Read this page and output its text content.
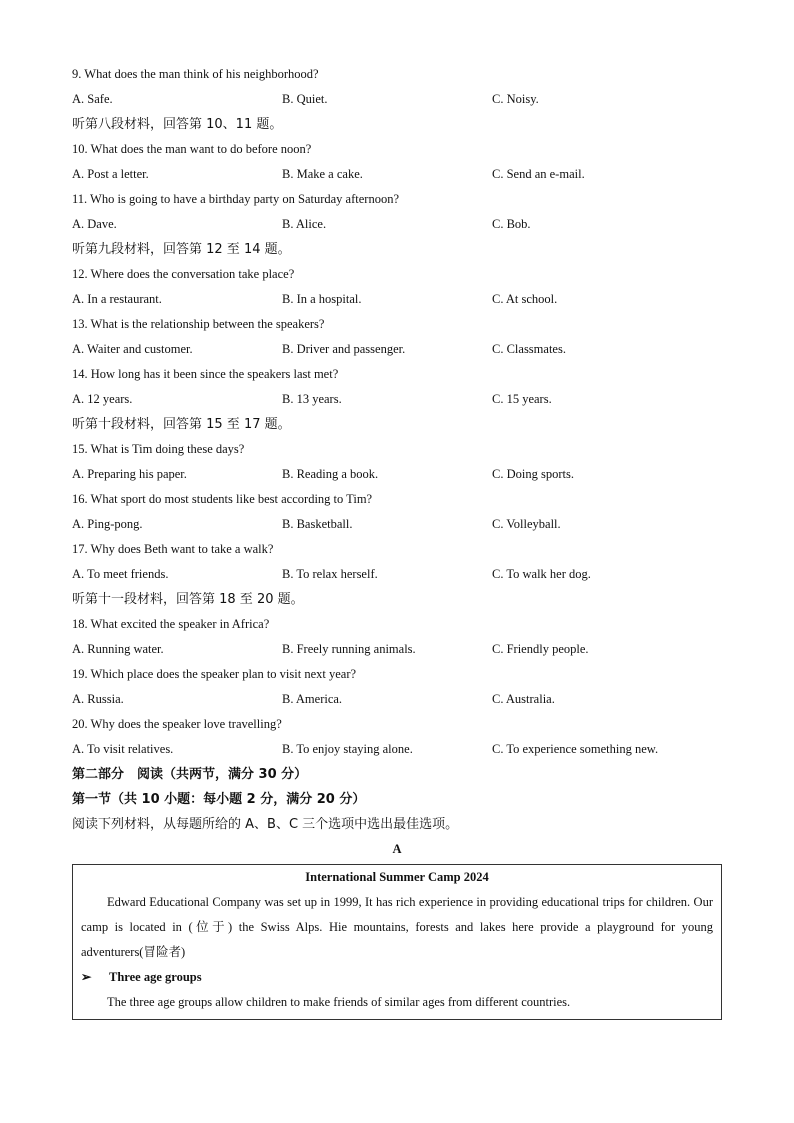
9. What does the man think of his neighborhood?
A. Safe.	B. Quiet.	C. Noisy.
听第八段材料，回答第 10、11 题。
10. What does the man want to do before noon?
A. Post a letter.	B. Make a cake.	C. Send an e-mail.
11. Who is going to have a birthday party on Saturday afternoon?
A. Dave.	B. Alice.	C. Bob.
听第九段材料，回答第 12 至 14 题。
12. Where does the conversation take place?
A. In a restaurant.	B. In a hospital.	C. At school.
13. What is the relationship between the speakers?
A. Waiter and customer.	B. Driver and passenger.	C. Classmates.
14. How long has it been since the speakers last met?
A. 12 years.	B. 13 years.	C. 15 years.
听第十段材料，回答第 15 至 17 题。
15. What is Tim doing these days?
A. Preparing his paper.	B. Reading a book.	C. Doing sports.
16. What sport do most students like best according to Tim?
A. Ping-pong.	B. Basketball.	C. Volleyball.
17. Why does Beth want to take a walk?
A. To meet friends.	B. To relax herself.	C. To walk her dog.
听第十一段材料，回答第 18 至 20 题。
18. What excited the speaker in Africa?
A. Running water.	B. Freely running animals.	C. Friendly people.
19. Which place does the speaker plan to visit next year?
A. Russia.	B. America.	C. Australia.
20. Why does the speaker love travelling?
A. To visit relatives.	B. To enjoy staying alone.	C. To experience something new.
第二部分　阅读（共两节，满分 30 分）
第一节（共 10 小题：每小题 2 分，满分 20 分）
阅读下列材料，从每题所给的 A、B、C 三个选项中选出最佳选项。
A
International Summer Camp 2024

Edward Educational Company was set up in 1999, It has rich experience in providing educational trips for children. Our camp is located in (位于) the Swiss Alps. Hie mountains, forests and lakes here provide a playground for young adventurers(冒险者)

➢ Three age groups

The three age groups allow children to make friends of similar ages from different countries.
